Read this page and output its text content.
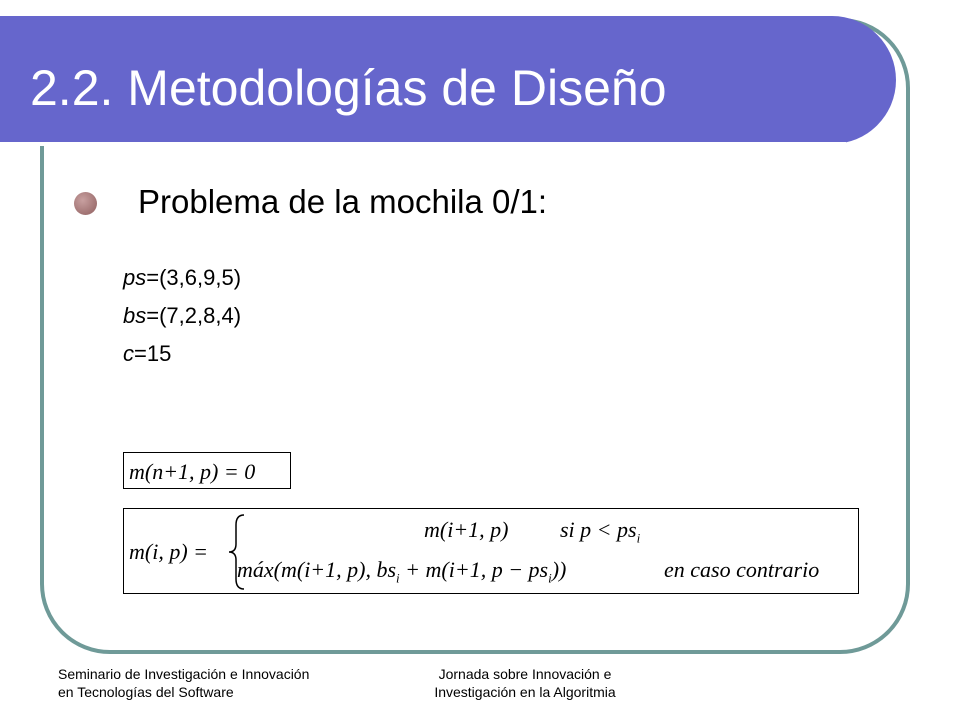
2.2. Metodologías de Diseño
Problema de la mochila 0/1:
ps=(3,6,9,5)
bs=(7,2,8,4)
c=15
m(n+1, p) = 0
m(i, p) =
m(i+1, p) si $p < ps_i$
máx(m(i+1, p), $bs_i + m(i+1$, $p - ps_i$))	en caso contrario
Seminario de Investigación e Innovación
en Tecnologías del Software
Jornada sobre Innovación e
Investigación en la Algoritmia
